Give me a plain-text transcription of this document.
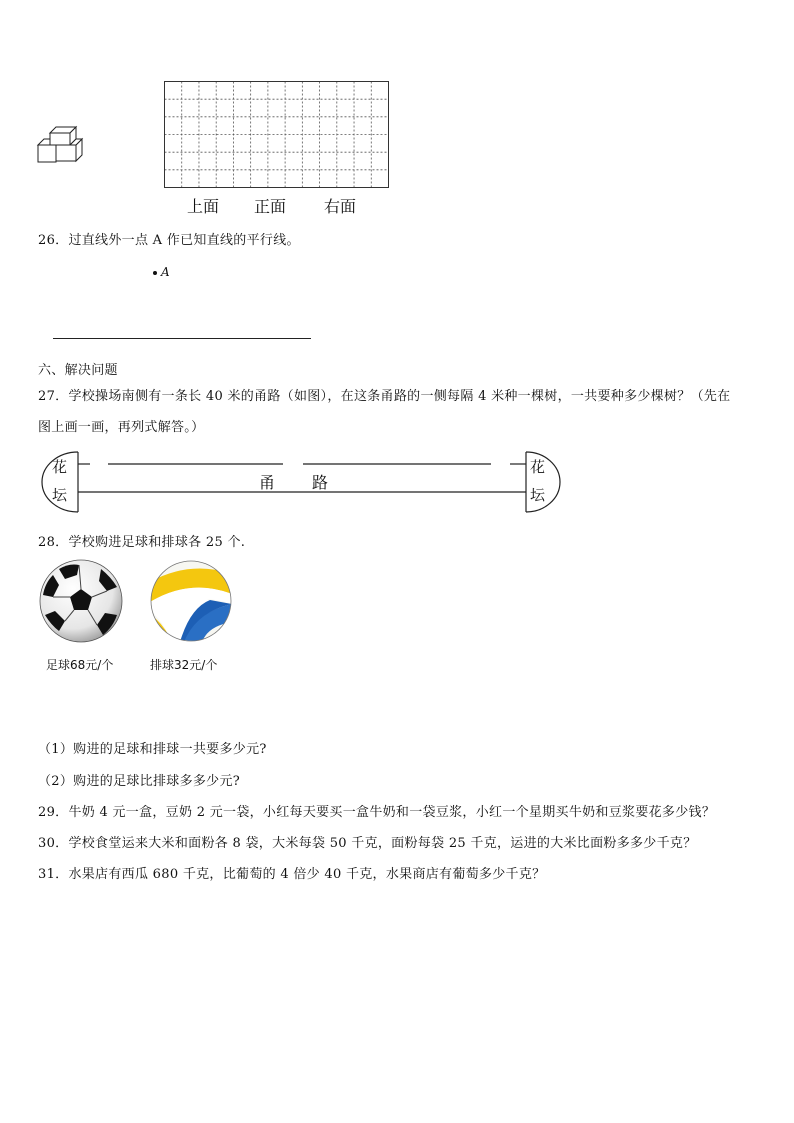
上面 正面 右面
26．过直线外一点 A 作已知直线的平行线。
A
六、解决问题
27．学校操场南侧有一条长 40 米的甬路（如图），在这条甬路的一侧每隔 4 米种一棵树，一共要种多少棵树？（先在
图上画一画，再列式解答。）
花
坛
花
坛
甬 路
28．学校购进足球和排球各 25 个.
足球68元/个	排球32元/个
（1）购进的足球和排球一共要多少元?
（2）购进的足球比排球多多少元?
29．牛奶 4 元一盒，豆奶 2 元一袋，小红每天要买一盒牛奶和一袋豆浆，小红一个星期买牛奶和豆浆要花多少钱？
30．学校食堂运来大米和面粉各 8 袋，大米每袋 50 千克，面粉每袋 25 千克，运进的大米比面粉多多少千克？
31．水果店有西瓜 680 千克，比葡萄的 4 倍少 40 千克，水果商店有葡萄多少千克？
